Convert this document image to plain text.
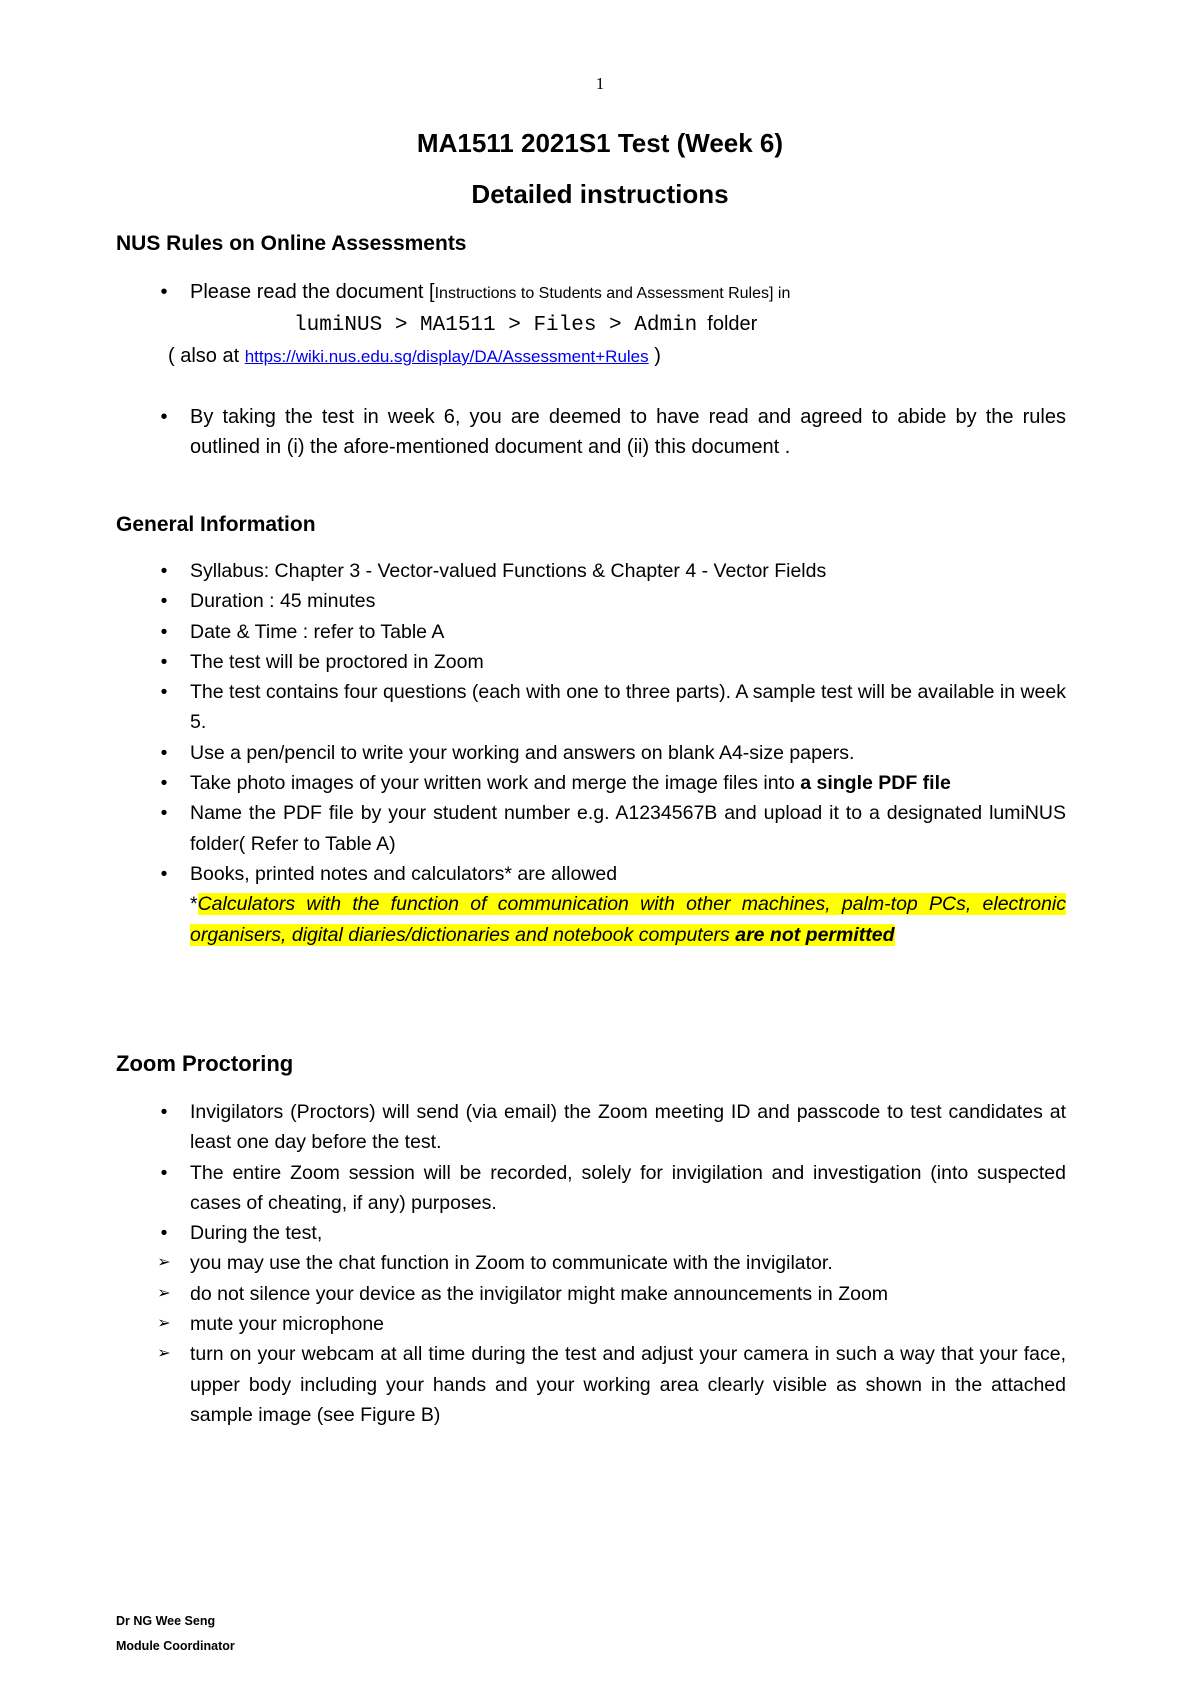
1
MA1511 2021S1 Test (Week 6)
Detailed instructions
NUS Rules on Online Assessments
•	Please read the document [Instructions to Students and Assessment Rules] in
lumiNUS > MA1511 > Files > Admin folder
( also at https://wiki.nus.edu.sg/display/DA/Assessment+Rules )
•	By taking the test in week 6, you are deemed to have read and agreed to abide by the rules outlined in (i) the afore-mentioned document and (ii) this document .
General Information
•	Syllabus: Chapter 3 - Vector-valued Functions & Chapter 4 - Vector Fields
•	Duration : 45 minutes
•	Date & Time : refer to Table A
•	The test will be proctored in Zoom
•	The test contains four questions (each with one to three parts). A sample test will be available in week 5.
•	Use a pen/pencil to write your working and answers on blank A4-size papers.
•	Take photo images of your written work and merge the image files into a single PDF file
•	Name the PDF file by your student number e.g. A1234567B and upload it to a designated lumiNUS folder( Refer to Table A)
•	Books, printed notes and calculators* are allowed
*Calculators with the function of communication with other machines, palm-top PCs, electronic organisers, digital diaries/dictionaries and notebook computers are not permitted
Zoom Proctoring
•	Invigilators (Proctors) will send (via email) the Zoom meeting ID and passcode to test candidates at least one day before the test.
•	The entire Zoom session will be recorded, solely for invigilation and investigation (into suspected cases of cheating, if any) purposes.
•	During the test,
➢ you may use the chat function in Zoom to communicate with the invigilator.
➢ do not silence your device as the invigilator might make announcements in Zoom
➢ mute your microphone
➢ turn on your webcam at all time during the test and adjust your camera in such a way that your face, upper body including your hands and your working area clearly visible as shown in the attached sample image (see Figure B)
Dr NG Wee Seng
Module Coordinator
